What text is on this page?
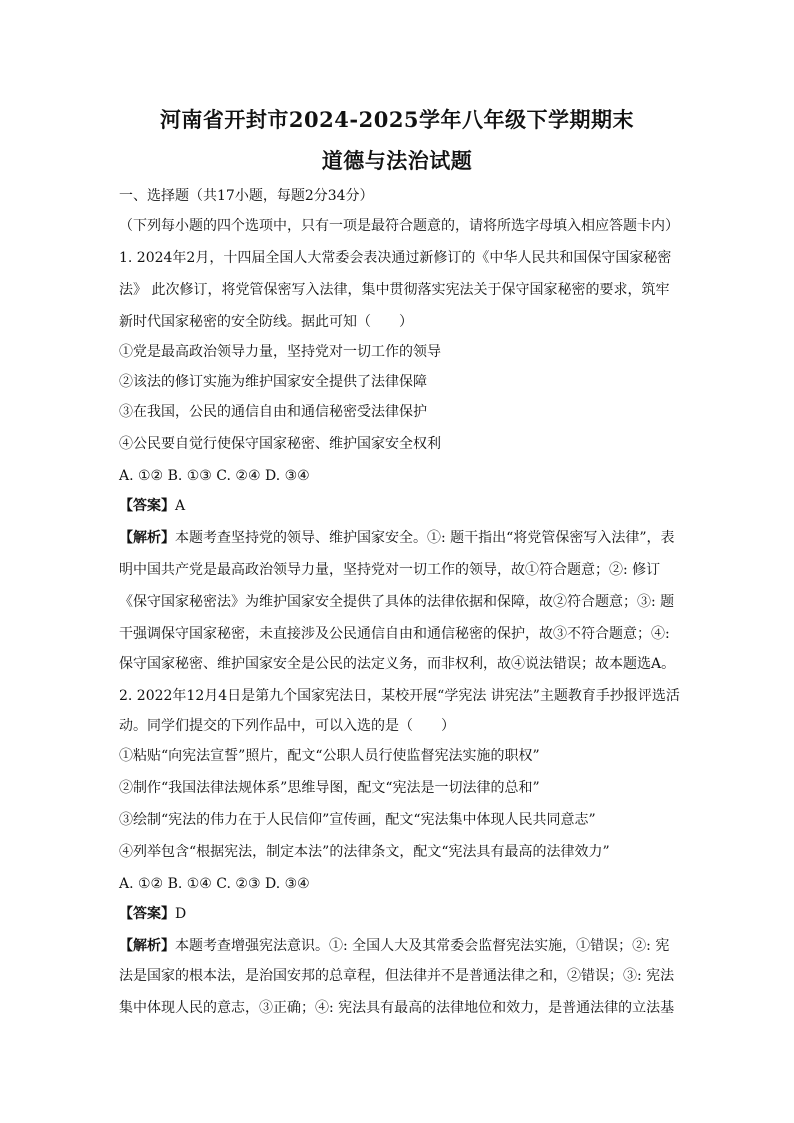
河南省开封市2024-2025学年八年级下学期期末
道德与法治试题
一、选择题（共17小题，每题2分34分）
（下列每小题的四个选项中，只有一项是最符合题意的，请将所选字母填入相应答题卡内）
1. 2024年2月，十四届全国人大常委会表决通过新修订的《中华人民共和国保守国家秘密
法》 此次修订，将党管保密写入法律，集中贯彻落实宪法关于保守国家秘密的要求，筑牢
新时代国家秘密的安全防线。据此可知（　　）
①党是最高政治领导力量，坚持党对一切工作的领导
②该法的修订实施为维护国家安全提供了法律保障
③在我国，公民的通信自由和通信秘密受法律保护
④公民要自觉行使保守国家秘密、维护国家安全权利
A. ①② B. ①③ C. ②④ D. ③④
【答案】A
【解析】本题考查坚持党的领导、维护国家安全。①: 题干指出“将党管保密写入法律”，表
明中国共产党是最高政治领导力量，坚持党对一切工作的领导，故①符合题意；②: 修订
《保守国家秘密法》为维护国家安全提供了具体的法律依据和保障，故②符合题意；③: 题
干强调保守国家秘密，未直接涉及公民通信自由和通信秘密的保护，故③不符合题意；④:
保守国家秘密、维护国家安全是公民的法定义务，而非权利，故④说法错误；故本题选A。
2. 2022年12月4日是第九个国家宪法日，某校开展“学宪法 讲宪法”主题教育手抄报评选活
动。同学们提交的下列作品中，可以入选的是（　　）
①粘贴“向宪法宣誓”照片，配文“公职人员行使监督宪法实施的职权”
②制作“我国法律法规体系”思维导图，配文“宪法是一切法律的总和”
③绘制“宪法的伟力在于人民信仰”宣传画，配文“宪法集中体现人民共同意志”
④列举包含“根据宪法，制定本法”的法律条文，配文“宪法具有最高的法律效力”
A. ①② B. ①④ C. ②③ D. ③④
【答案】D
【解析】本题考查增强宪法意识。①: 全国人大及其常委会监督宪法实施，①错误；②: 宪
法是国家的根本法，是治国安邦的总章程，但法律并不是普通法律之和，②错误；③: 宪法
集中体现人民的意志，③正确；④: 宪法具有最高的法律地位和效力，是普通法律的立法基
